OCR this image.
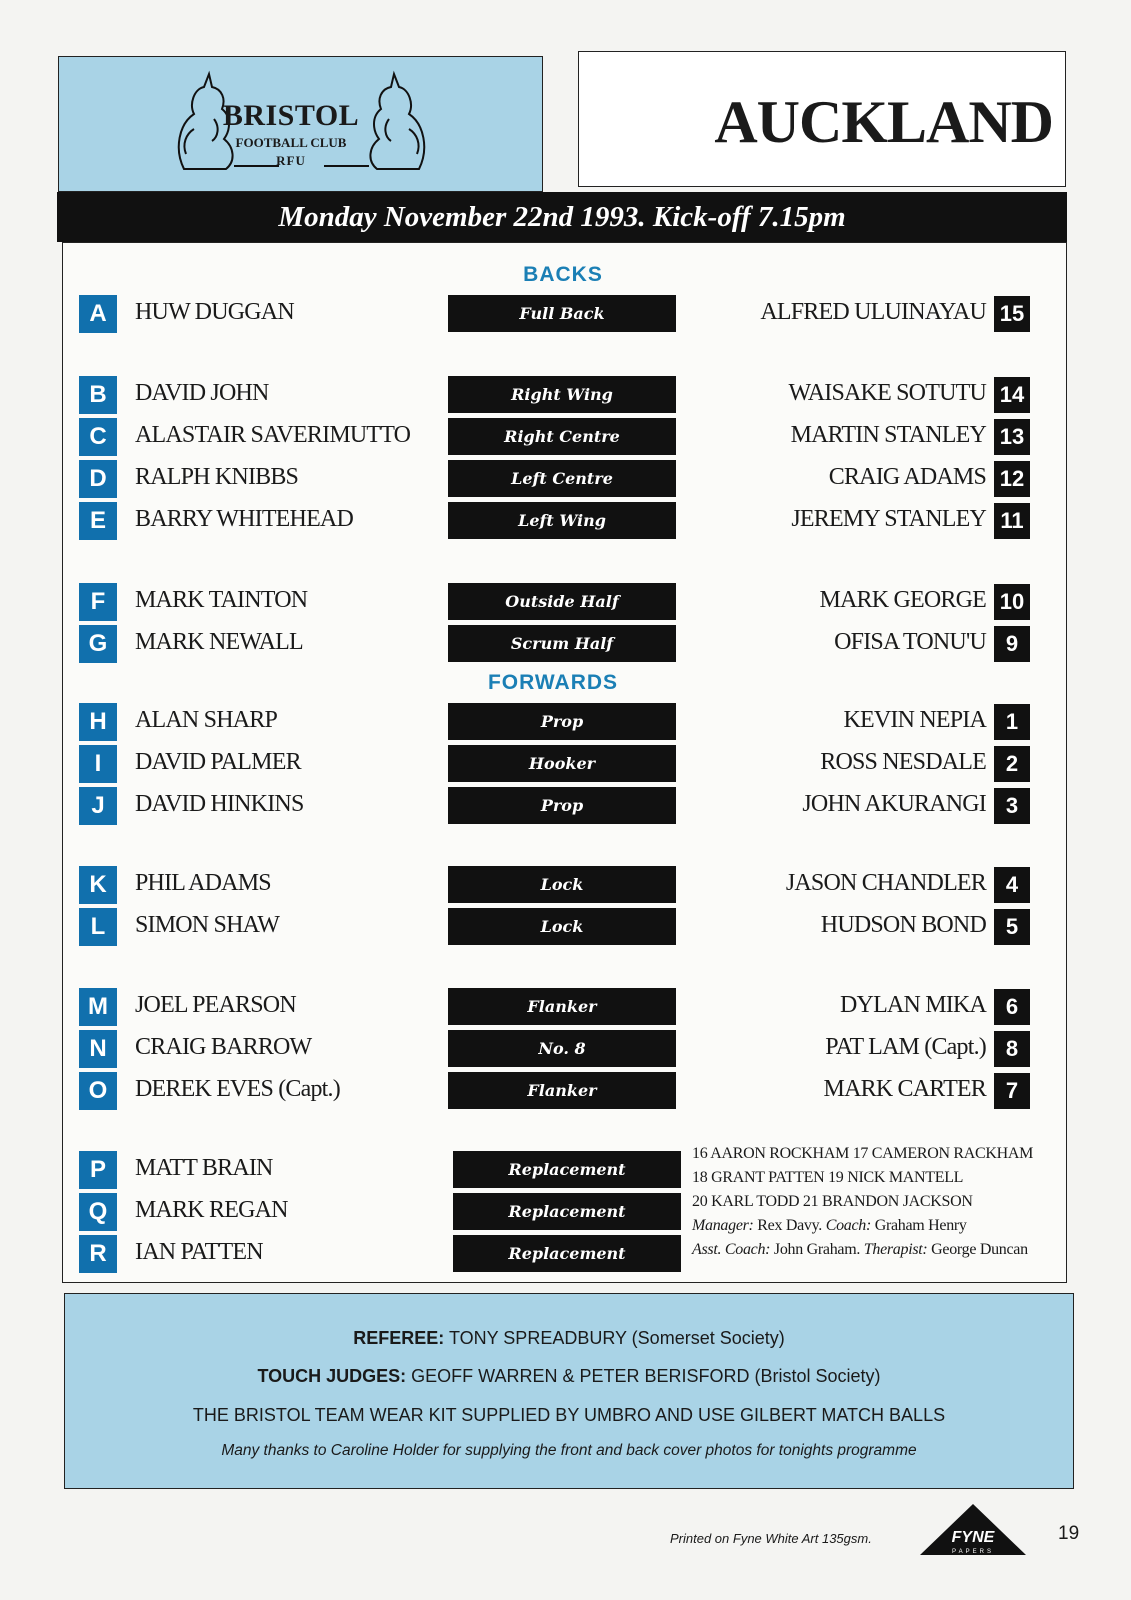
BRISTOL
FOOTBALL CLUB
RFU
AUCKLAND
Monday November 22nd 1993. Kick-off 7.15pm
BACKS
FORWARDS
A	HUW DUGGAN	Full Back	ALFRED ULUINAYAU 15
B	DAVID JOHN	Right Wing	WAISAKE SOTUTU 14
C	ALASTAIR SAVERIMUTTO	Right Centre	MARTIN STANLEY 13
D	RALPH KNIBBS	Left Centre	CRAIG ADAMS 12
E	BARRY WHITEHEAD	Left Wing	JEREMY STANLEY 11
F	MARK TAINTON	Outside Half	MARK GEORGE 10
G	MARK NEWALL	Scrum Half	OFISA TONU'U 9
H	ALAN SHARP	Prop	KEVIN NEPIA 1
I	DAVID PALMER	Hooker	ROSS NESDALE 2
J	DAVID HINKINS	Prop	JOHN AKURANGI 3
K	PHIL ADAMS	Lock	JASON CHANDLER 4
L	SIMON SHAW	Lock	HUDSON BOND 5
M	JOEL PEARSON	Flanker	DYLAN MIKA 6
N	CRAIG BARROW	No. 8	PAT LAM (Capt.) 8
O	DEREK EVES (Capt.)	Flanker	MARK CARTER 7
P	MATT BRAIN	Replacement
Q	MARK REGAN	Replacement
R	IAN PATTEN	Replacement
16 AARON ROCKHAM 17 CAMERON RACKHAM
18 GRANT PATTEN 19 NICK MANTELL
20 KARL TODD 21 BRANDON JACKSON
Manager: Rex Davy. Coach: Graham Henry
Asst. Coach: John Graham. Therapist: George Duncan
REFEREE: TONY SPREADBURY (Somerset Society)
TOUCH JUDGES: GEOFF WARREN & PETER BERISFORD (Bristol Society)
THE BRISTOL TEAM WEAR KIT SUPPLIED BY UMBRO AND USE GILBERT MATCH BALLS
Many thanks to Caroline Holder for supplying the front and back cover photos for tonights programme
Printed on Fyne White Art 135gsm.	FYNE
PAPERS
19
